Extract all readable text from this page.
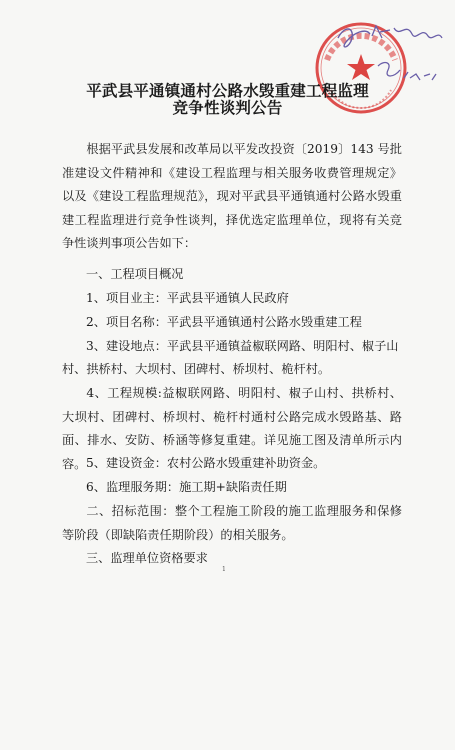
平武县平通镇通村公路水毁重建工程监理
竞争性谈判公告
根据平武县发展和改革局以平发改投资〔2019〕143 号批准建设文件精神和《建设工程监理与相关服务收费管理规定》以及《建设工程监理规范》，现对平武县平通镇通村公路水毁重建工程监理进行竞争性谈判，择优选定监理单位，现将有关竞争性谈判事项公告如下：
一、工程项目概况
1、项目业主：平武县平通镇人民政府
2、项目名称：平武县平通镇通村公路水毁重建工程
3、建设地点：平武县平通镇益椒联网路、明阳村、椒子山
村、拱桥村、大坝村、团碑村、桥坝村、桅杆村。
4、工程规模:益椒联网路、明阳村、椒子山村、拱桥村、大坝村、团碑村、桥坝村、桅杆村通村公路完成水毁路基、路面、排水、安防、桥涵等修复重建。详见施工图及清单所示内容。 5、建设资金：农村公路水毁重建补助资金。
6、监理服务期：施工期+缺陷责任期
二、招标范围：整个工程施工阶段的施工监理服务和保修等阶段（即缺陷责任期阶段）的相关服务。
三、监理单位资格要求
1
